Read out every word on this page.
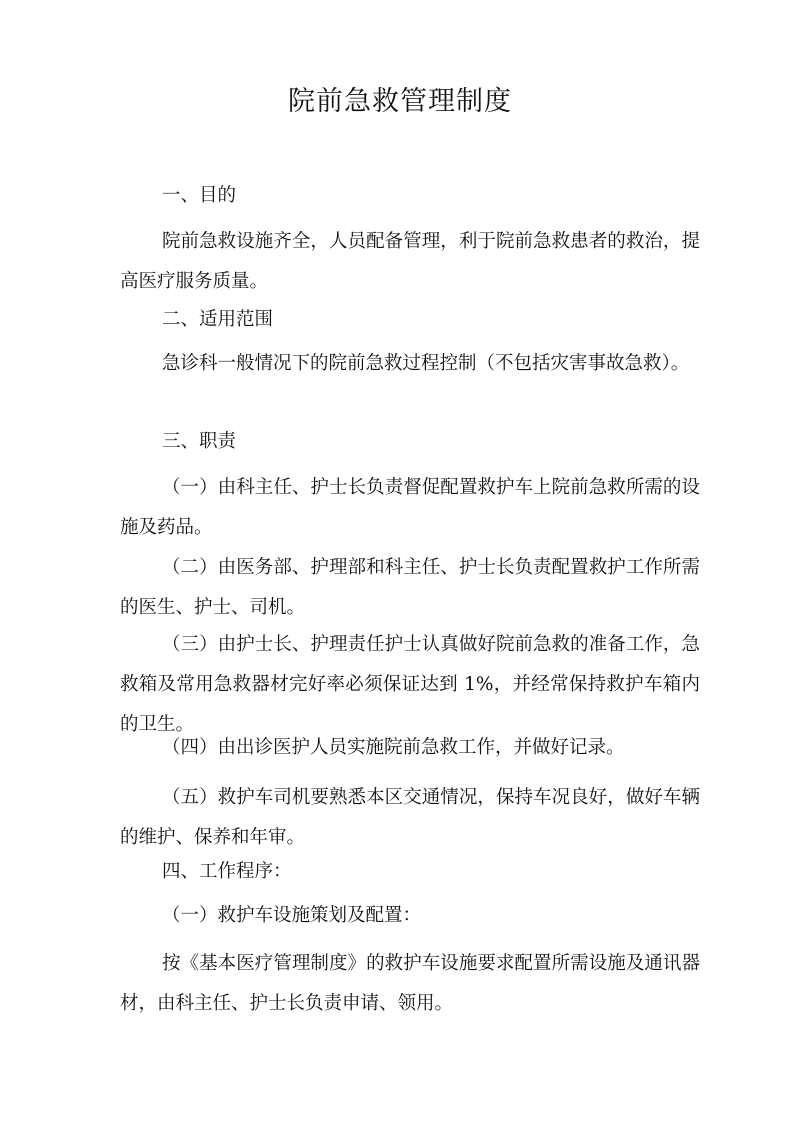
院前急救管理制度
一、目的
院前急救设施齐全，人员配备管理，利于院前急救患者的救治，提高医疗服务质量。
二、适用范围
急诊科一般情况下的院前急救过程控制（不包括灾害事故急救）。
三、职责
（一）由科主任、护士长负责督促配置救护车上院前急救所需的设施及药品。
（二）由医务部、护理部和科主任、护士长负责配置救护工作所需的医生、护士、司机。
（三）由护士长、护理责任护士认真做好院前急救的准备工作，急救箱及常用急救器材完好率必须保证达到 1%，并经常保持救护车箱内的卫生。
（四）由出诊医护人员实施院前急救工作，并做好记录。
（五）救护车司机要熟悉本区交通情况，保持车况良好，做好车辆的维护、保养和年审。
四、工作程序：
（一）救护车设施策划及配置：
按《基本医疗管理制度》的救护车设施要求配置所需设施及通讯器材，由科主任、护士长负责申请、领用。
